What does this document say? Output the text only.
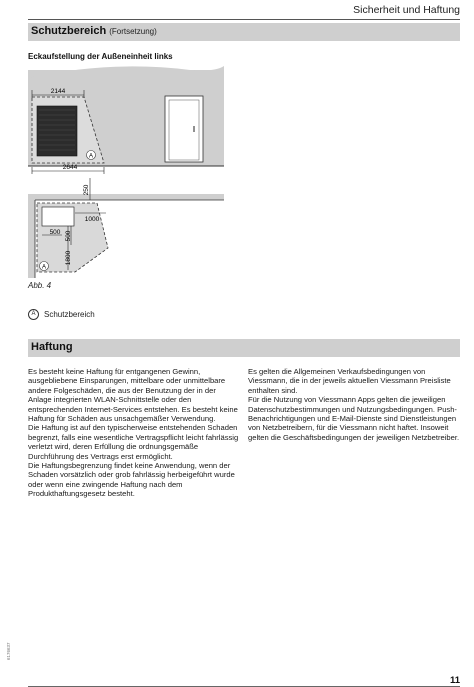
Sicherheit und Haftung
Schutzbereich (Fortsetzung)
Eckaufstellung der Außeneinheit links
A
2144
2644
A
250
1000
500 500
1800
Abb. 4
A	Schutzbereich
Haftung

Es besteht keine Haftung für entgangenen Gewinn, ausgebliebene Einsparungen, mittelbare oder unmittelbare andere Folgeschäden, die aus der Benutzung der in der Anlage integrierten WLAN-Schnittstelle oder den entsprechenden Internet-Services entstehen. Es besteht keine Haftung für Schäden aus unsachgemäßer Verwendung.

Die Haftung ist auf den typischerweise entstehenden Schaden begrenzt, falls eine wesentliche Vertragspflicht leicht fahrlässig verletzt wird, deren Erfüllung die ordnungsgemäße Durchführung des Vertrags erst ermöglicht.

Die Haftungsbegrenzung findet keine Anwendung, wenn der Schaden vorsätzlich oder grob fahrlässig herbeigeführt wurde oder wenn eine zwingende Haftung nach dem Produkthaftungsgesetz besteht.

Es gelten die Allgemeinen Verkaufsbedingungen von Viessmann, die in der jeweils aktuellen Viessmann Preisliste enthalten sind.

Für die Nutzung von Viessmann Apps gelten die jeweiligen Datenschutzbestimmungen und Nutzungsbedingungen. Push-Benachrichtigungen und E-Mail-Dienste sind Dienstleistungen von Netzbetreibern, für die Viessmann nicht haftet. Insoweit gelten die Geschäftsbedingungen der jeweiligen Netzbetreiber.

6176637
11
